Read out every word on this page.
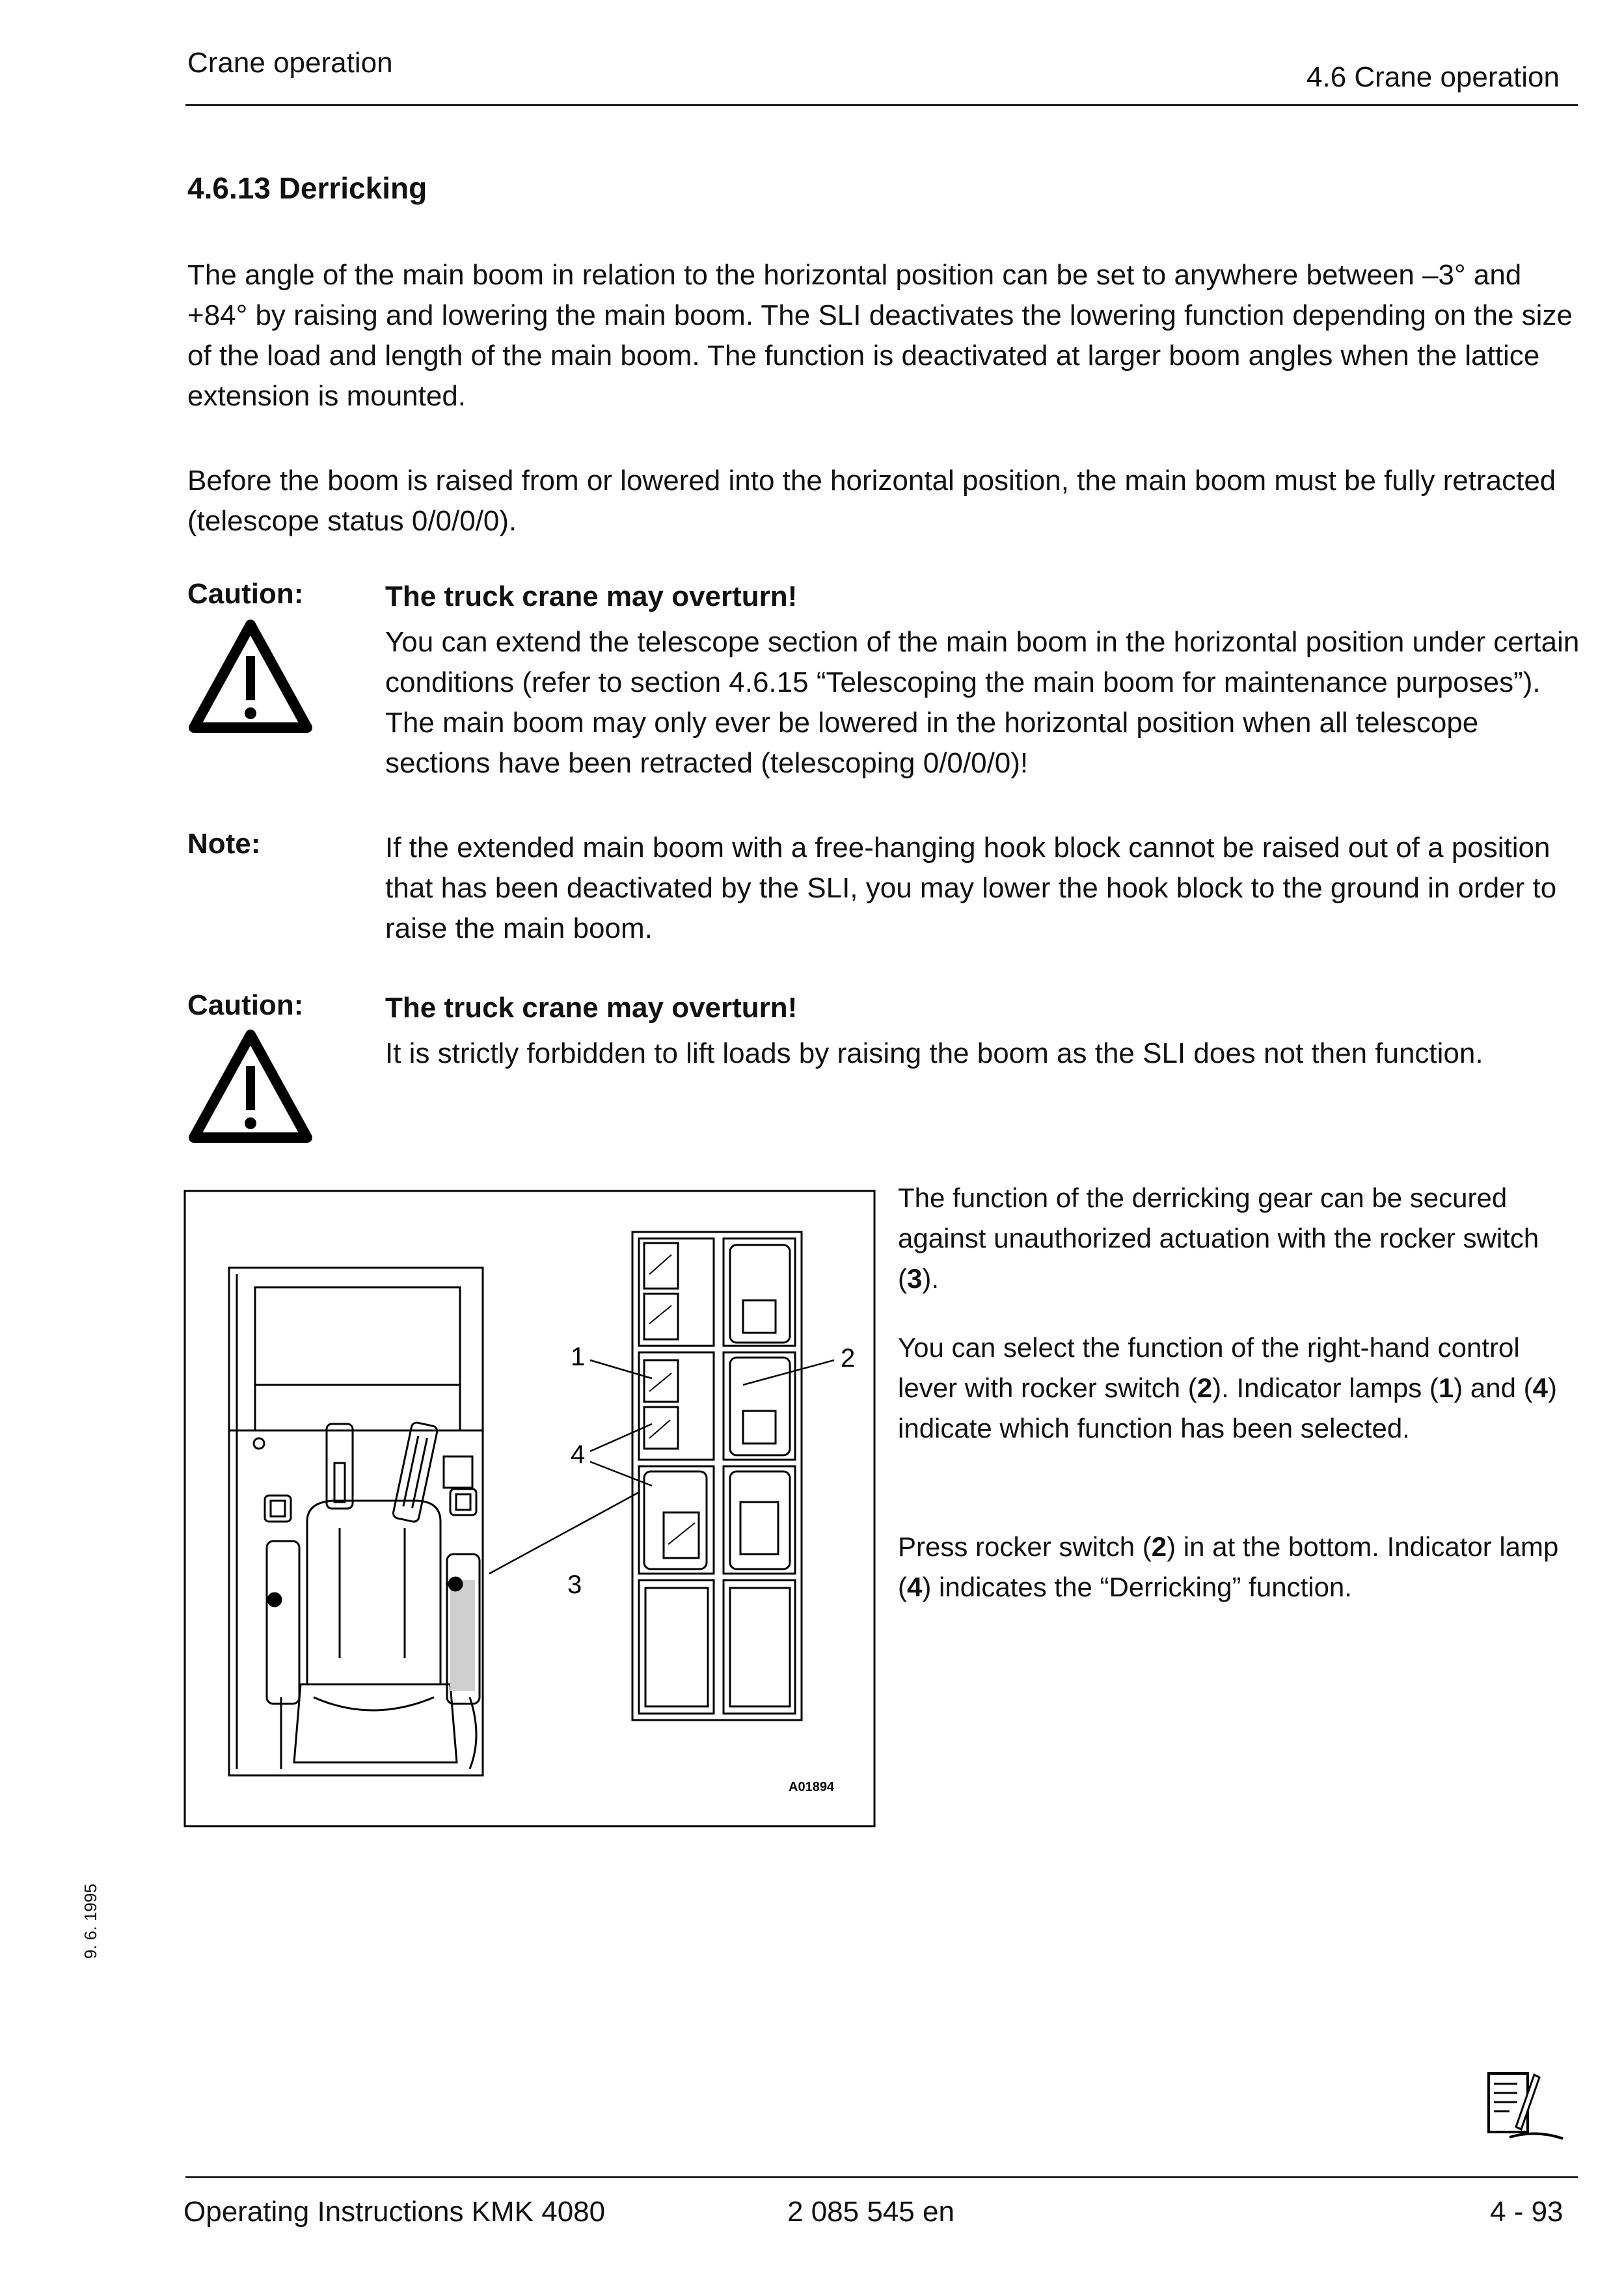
Crane operation	4.6 Crane operation
4.6.13 Derricking

The angle of the main boom in relation to the horizontal position can be set to anywhere between –3° and +84° by raising and lowering the main boom. The SLI deactivates the lowering function depending on the size of the load and length of the main boom. The function is deactivated at larger boom angles when the lattice extension is mounted.

Before the boom is raised from or lowered into the horizontal position, the main boom must be fully retracted (telescope status 0/0/0/0).

Caution:	The truck crane may overturn!

You can extend the telescope section of the main boom in the horizontal position under certain conditions (refer to section 4.6.15 “Telescoping the main boom for maintenance purposes”). The main boom may only ever be lowered in the horizontal position when all telescope sections have been retracted (telescoping 0/0/0/0)!

Note:	If the extended main boom with a free-hanging hook block cannot be raised out of a position that has been deactivated by the SLI, you may lower the hook block to the ground in order to raise the main boom.

Caution:	The truck crane may overturn!

It is strictly forbidden to lift loads by raising the boom as the SLI does not then function.

1	2
3
4
A01894

The function of the derricking gear can be secured against unauthorized actuation with the rocker switch (3).

You can select the function of the right-hand control lever with rocker switch (2). Indicator lamps (1) and (4) indicate which function has been selected.

Press rocker switch (2) in at the bottom. Indicator lamp (4) indicates the “Derricking” function.

9. 6. 1995
Operating Instructions KMK 4080	2 085 545 en	4 - 93
